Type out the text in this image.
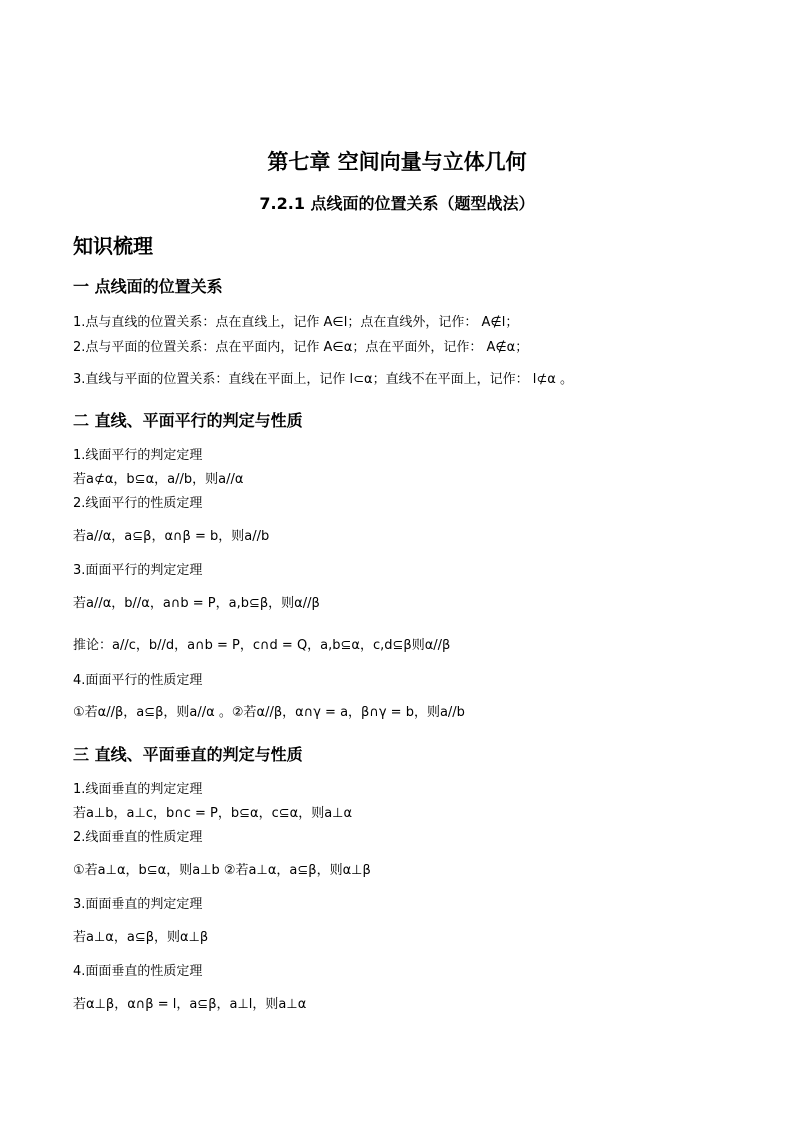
第七章 空间向量与立体几何
7.2.1 点线面的位置关系（题型战法）
知识梳理
一 点线面的位置关系
1.点与直线的位置关系：点在直线上，记作 A∈l；点在直线外，记作： A∉l；
2.点与平面的位置关系：点在平面内，记作 A∈α；点在平面外，记作： A∉α；
3.直线与平面的位置关系：直线在平面上，记作 l⊂α；直线不在平面上，记作： l⊄α 。
二 直线、平面平行的判定与性质
1.线面平行的判定定理
若a⊄α，b⊆α，a//b，则a//α
2.线面平行的性质定理
若a//α，a⊆β，α∩β = b，则a//b
3.面面平行的判定定理
若a//α，b//α，a∩b = P，a,b⊆β，则α//β
推论：a//c，b//d，a∩b = P，c∩d = Q，a,b⊆α，c,d⊆β则α//β
4.面面平行的性质定理
①若α//β，a⊆β，则a//α 。②若α//β，α∩γ = a，β∩γ = b，则a//b
三 直线、平面垂直的判定与性质
1.线面垂直的判定定理
若a⊥b，a⊥c，b∩c = P，b⊆α，c⊆α，则a⊥α
2.线面垂直的性质定理
①若a⊥α，b⊆α，则a⊥b ②若a⊥α，a⊆β，则α⊥β
3.面面垂直的判定定理
若a⊥α，a⊆β，则α⊥β
4.面面垂直的性质定理
若α⊥β，α∩β = l，a⊆β，a⊥l，则a⊥α
